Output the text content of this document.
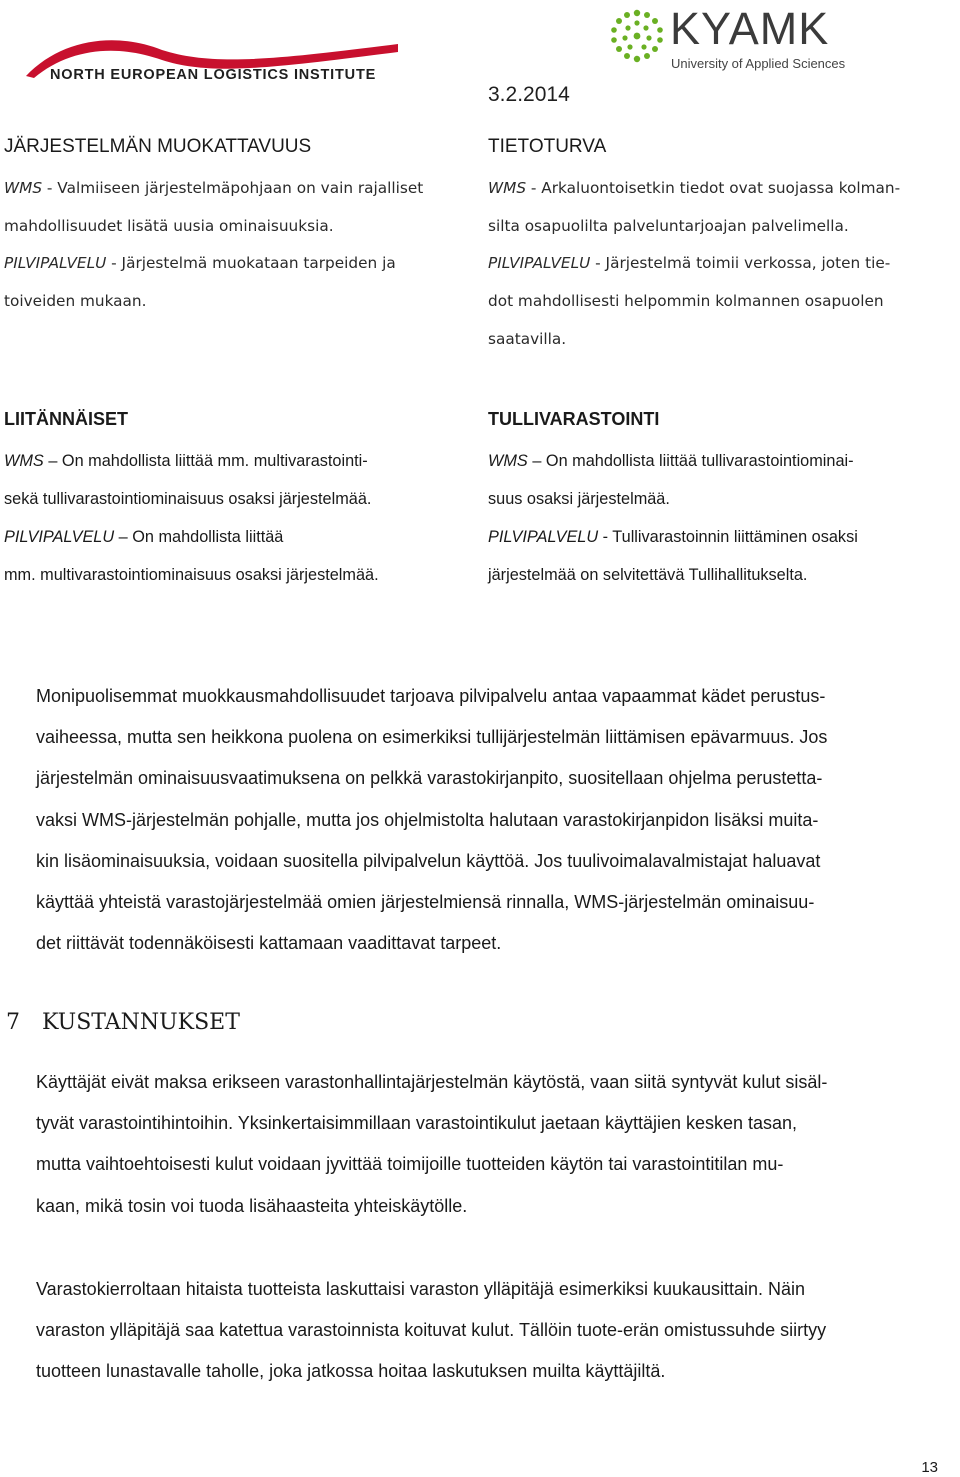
NORTH EUROPEAN LOGISTICS INSTITUTE
3.2.2014
KYAMK
University of Applied Sciences
JÄRJESTELMÄN MUOKATTAVUUS
WMS - Valmiiseen järjestelmäpohjaan on vain rajalliset
mahdollisuudet lisätä uusia ominaisuuksia.
PILVIPALVELU - Järjestelmä muokataan tarpeiden ja
toiveiden mukaan.
TIETOTURVA
WMS - Arkaluontoisetkin tiedot ovat suojassa kolman-
silta osapuolilta palveluntarjoajan palvelimella.
PILVIPALVELU - Järjestelmä toimii verkossa, joten tie-
dot mahdollisesti helpommin kolmannen osapuolen
saatavilla.
LIITÄNNÄISET
WMS – On mahdollista liittää mm. multivarastointi-
sekä tullivarastointiominaisuus osaksi järjestelmää.
PILVIPALVELU – On mahdollista liittää
mm. multivarastointiominaisuus osaksi järjestelmää.
TULLIVARASTOINTI
WMS – On mahdollista liittää tullivarastointiominai-
suus osaksi järjestelmää.
PILVIPALVELU - Tullivarastoinnin liittäminen osaksi
järjestelmää on selvitettävä Tullihallitukselta.
Monipuolisemmat muokkausmahdollisuudet tarjoava pilvipalvelu antaa vapaammat kädet perustus-
vaiheessa, mutta sen heikkona puolena on esimerkiksi tullijärjestelmän liittämisen epävarmuus. Jos
järjestelmän ominaisuusvaatimuksena on pelkkä varastokirjanpito, suositellaan ohjelma perustetta-
vaksi WMS-järjestelmän pohjalle, mutta jos ohjelmistolta halutaan varastokirjanpidon lisäksi muita-
kin lisäominaisuuksia, voidaan suositella pilvipalvelun käyttöä. Jos tuulivoimalavalmistajat haluavat
käyttää yhteistä varastojärjestelmää omien järjestelmiensä rinnalla, WMS-järjestelmän ominaisuu-
det riittävät todennäköisesti kattamaan vaadittavat tarpeet.
7 KUSTANNUKSET
Käyttäjät eivät maksa erikseen varastonhallintajärjestelmän käytöstä, vaan siitä syntyvät kulut sisäl-
tyvät varastointihintoihin. Yksinkertaisimmillaan varastointikulut jaetaan käyttäjien kesken tasan,
mutta vaihtoehtoisesti kulut voidaan jyvittää toimijoille tuotteiden käytön tai varastointitilan mu-
kaan, mikä tosin voi tuoda lisähaasteita yhteiskäytölle.
Varastokierroltaan hitaista tuotteista laskuttaisi varaston ylläpitäjä esimerkiksi kuukausittain. Näin
varaston ylläpitäjä saa katettua varastoinnista koituvat kulut. Tällöin tuote-erän omistussuhde siirtyy
tuotteen lunastavalle taholle, joka jatkossa hoitaa laskutuksen muilta käyttäjiltä.
13
